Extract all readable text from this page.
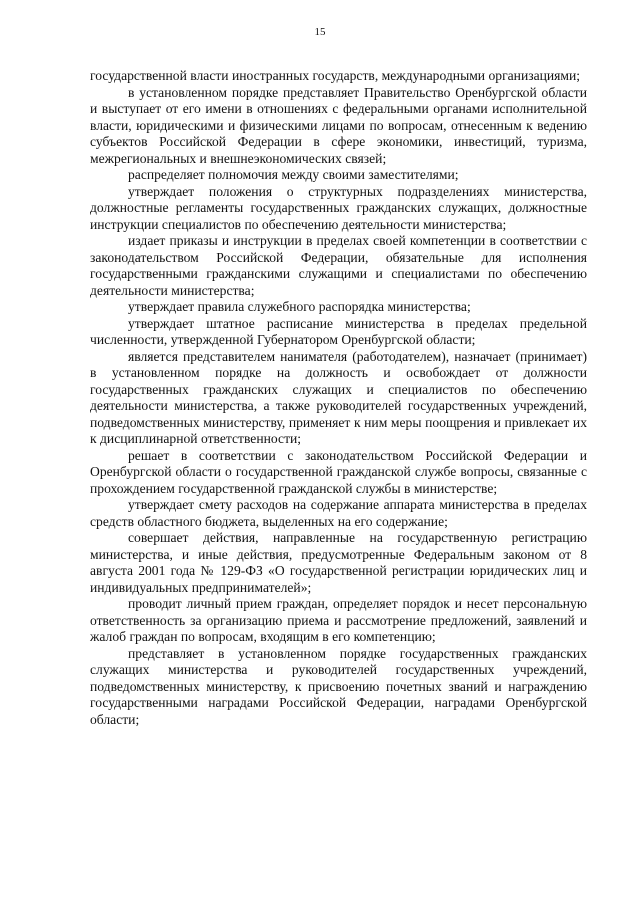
15

государственной власти иностранных государств, международными организациями;

в установленном порядке представляет Правительство Оренбургской области и выступает от его имени в отношениях с федеральными органами исполнительной власти, юридическими и физическими лицами по вопросам, отнесенным к ведению субъектов Российской Федерации в сфере экономики, инвестиций, туризма, межрегиональных и внешнеэкономических связей;

распределяет полномочия между своими заместителями;

утверждает положения о структурных подразделениях министерства, должностные регламенты государственных гражданских служащих, должностные инструкции специалистов по обеспечению деятельности министерства;

издает приказы и инструкции в пределах своей компетенции в соответствии с законодательством Российской Федерации, обязательные для исполнения государственными гражданскими служащими и специалистами по обеспечению деятельности министерства;

утверждает правила служебного распорядка министерства;

утверждает штатное расписание министерства в пределах предельной численности, утвержденной Губернатором Оренбургской области;

является представителем нанимателя (работодателем), назначает (принимает) в установленном порядке на должность и освобождает от должности государственных гражданских служащих и специалистов по обеспечению деятельности министерства, а также руководителей государственных учреждений, подведомственных министерству, применяет к ним меры поощрения и привлекает их к дисциплинарной ответственности;

решает в соответствии с законодательством Российской Федерации и Оренбургской области о государственной гражданской службе вопросы, связанные с прохождением государственной гражданской службы в министерстве;

утверждает смету расходов на содержание аппарата министерства в пределах средств областного бюджета, выделенных на его содержание;

совершает действия, направленные на государственную регистрацию министерства, и иные действия, предусмотренные Федеральным законом от 8 августа 2001 года № 129-ФЗ «О государственной регистрации юридических лиц и индивидуальных предпринимателей»;

проводит личный прием граждан, определяет порядок и несет персональную ответственность за организацию приема и рассмотрение предложений, заявлений и жалоб граждан по вопросам, входящим в его компетенцию;

представляет в установленном порядке государственных гражданских служащих министерства и руководителей государственных учреждений, подведомственных министерству, к присвоению почетных званий и награждению государственными наградами Российской Федерации, наградами Оренбургской области;
